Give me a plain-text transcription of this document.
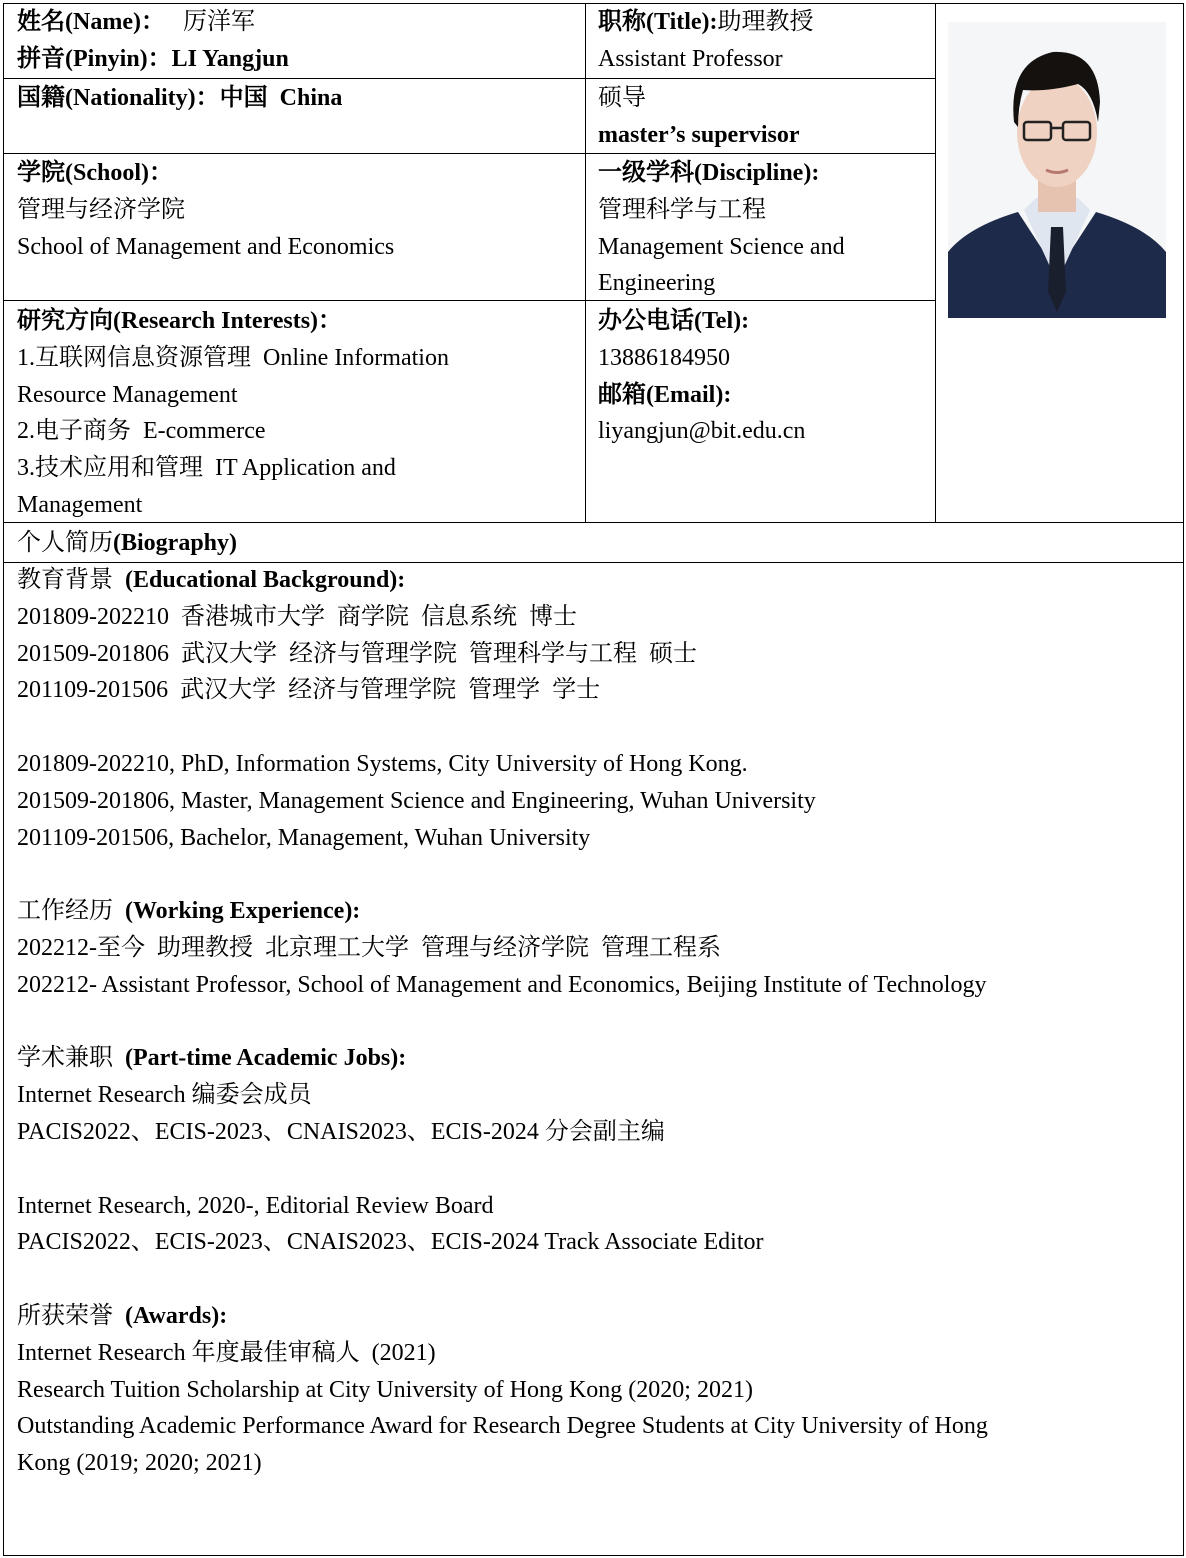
姓名(Name)：   厉洋军
拼音(Pinyin)：LI Yangjun
职称(Title):助理教授
Assistant Professor
国籍(Nationality)：中国  China	硕导
master’s supervisor
学院(School)：
管理与经济学院
School of Management and Economics
一级学科(Discipline):
管理科学与工程
Management Science and
Engineering
研究方向(Research Interests)：
1.互联网信息资源管理  Online Information
Resource Management
2.电子商务  E-commerce
3.技术应用和管理  IT Application and
Management
办公电话(Tel):
13886184950
邮箱(Email):
liyangjun@bit.edu.cn
个人简历(Biography)
教育背景  (Educational Background):
201809-202210  香港城市大学  商学院  信息系统  博士
201509-201806  武汉大学  经济与管理学院  管理科学与工程  硕士
201109-201506  武汉大学  经济与管理学院  管理学  学士
201809-202210, PhD, Information Systems, City University of Hong Kong.
201509-201806, Master, Management Science and Engineering, Wuhan University
201109-201506, Bachelor, Management, Wuhan University
工作经历  (Working Experience):
202212-至今  助理教授  北京理工大学  管理与经济学院  管理工程系
202212- Assistant Professor, School of Management and Economics, Beijing Institute of Technology
学术兼职  (Part-time Academic Jobs):
Internet Research 编委会成员
PACIS2022、ECIS-2023、CNAIS2023、ECIS-2024 分会副主编
Internet Research, 2020-, Editorial Review Board
PACIS2022、ECIS-2023、CNAIS2023、ECIS-2024 Track Associate Editor
所获荣誉  (Awards):
Internet Research 年度最佳审稿人  (2021)
Research Tuition Scholarship at City University of Hong Kong (2020; 2021)
Outstanding Academic Performance Award for Research Degree Students at City University of Hong
Kong (2019; 2020; 2021)
